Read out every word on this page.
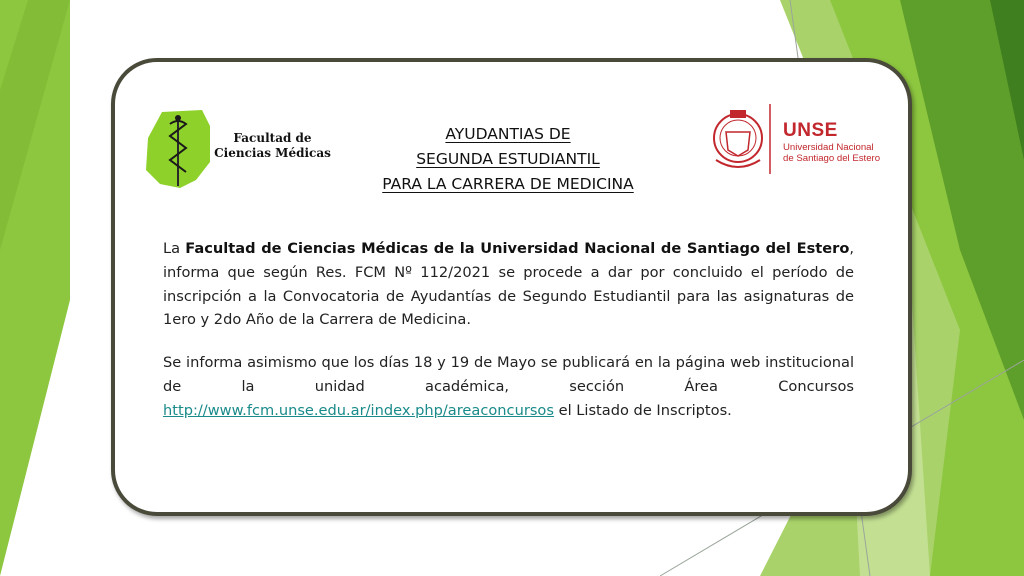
Facultad de
Ciencias Médicas
UNSE
Universidad Nacional
de Santiago del Estero
AYUDANTIAS DE
SEGUNDA ESTUDIANTIL
PARA LA CARRERA DE MEDICINA
La Facultad de Ciencias Médicas de la Universidad Nacional de Santiago del Estero, informa que según Res. FCM Nº 112/2021 se procede a dar por concluido el período de inscripción a la Convocatoria de Ayudantías de Segundo Estudiantil para las asignaturas de 1ero y 2do Año de la Carrera de Medicina.
Se informa asimismo que los días 18 y 19 de Mayo se publicará en la página web institucional de la unidad académica, sección Área Concursos http://www.fcm.unse.edu.ar/index.php/areaconcursos el Listado de Inscriptos.
